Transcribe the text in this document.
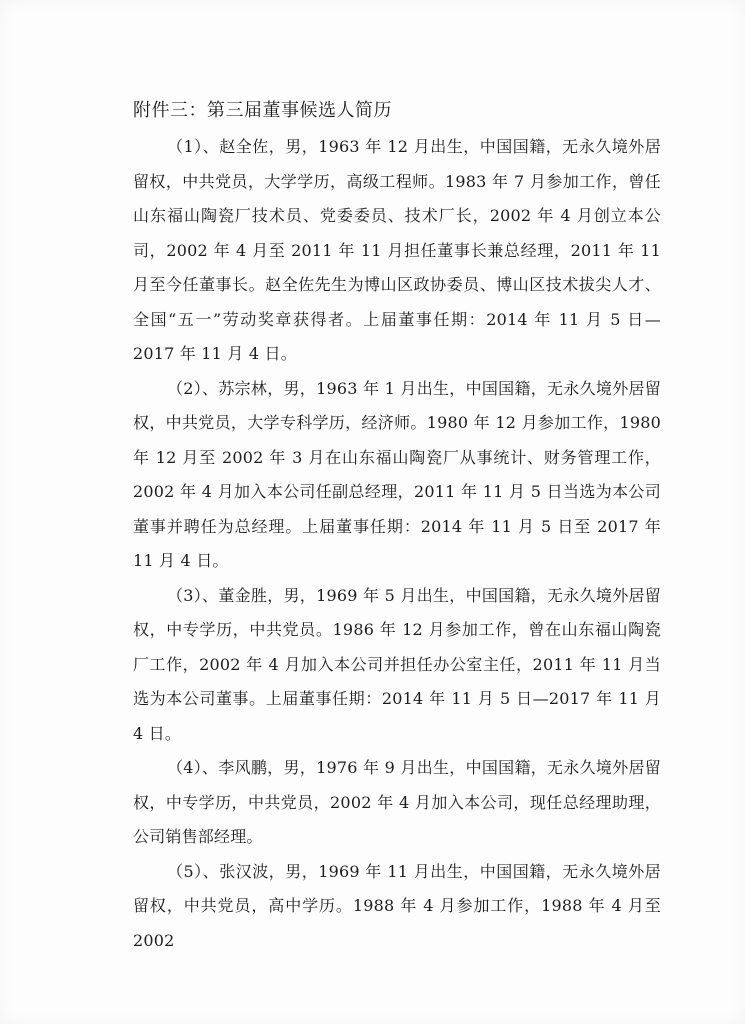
附件三：第三届董事候选人简历

（1）、赵全佐，男，1963 年 12 月出生，中国国籍，无永久境外居留权，中共党员，大学学历，高级工程师。1983 年 7 月参加工作，曾任山东福山陶瓷厂技术员、党委委员、技术厂长，2002 年 4 月创立本公司，2002 年 4 月至 2011 年 11 月担任董事长兼总经理，2011 年 11 月至今任董事长。赵全佐先生为博山区政协委员、博山区技术拔尖人才、全国“五一”劳动奖章获得者。上届董事任期：2014 年 11 月 5 日—2017 年 11 月 4 日。

（2）、苏宗林，男，1963 年 1 月出生，中国国籍，无永久境外居留权，中共党员，大学专科学历，经济师。1980 年 12 月参加工作，1980 年 12 月至 2002 年 3 月在山东福山陶瓷厂从事统计、财务管理工作，2002 年 4 月加入本公司任副总经理，2011 年 11 月 5 日当选为本公司董事并聘任为总经理。上届董事任期：2014 年 11 月 5 日至 2017 年 11 月 4 日。

（3）、董金胜，男，1969 年 5 月出生，中国国籍，无永久境外居留权，中专学历，中共党员。1986 年 12 月参加工作，曾在山东福山陶瓷厂工作，2002 年 4 月加入本公司并担任办公室主任，2011 年 11 月当选为本公司董事。上届董事任期：2014 年 11 月 5 日—2017 年 11 月 4 日。

（4）、李风鹏，男，1976 年 9 月出生，中国国籍，无永久境外居留权，中专学历，中共党员，2002 年 4 月加入本公司，现任总经理助理，公司销售部经理。

（5）、张汉波，男，1969 年 11 月出生，中国国籍，无永久境外居留权，中共党员，高中学历。1988 年 4 月参加工作，1988 年 4 月至 2002
